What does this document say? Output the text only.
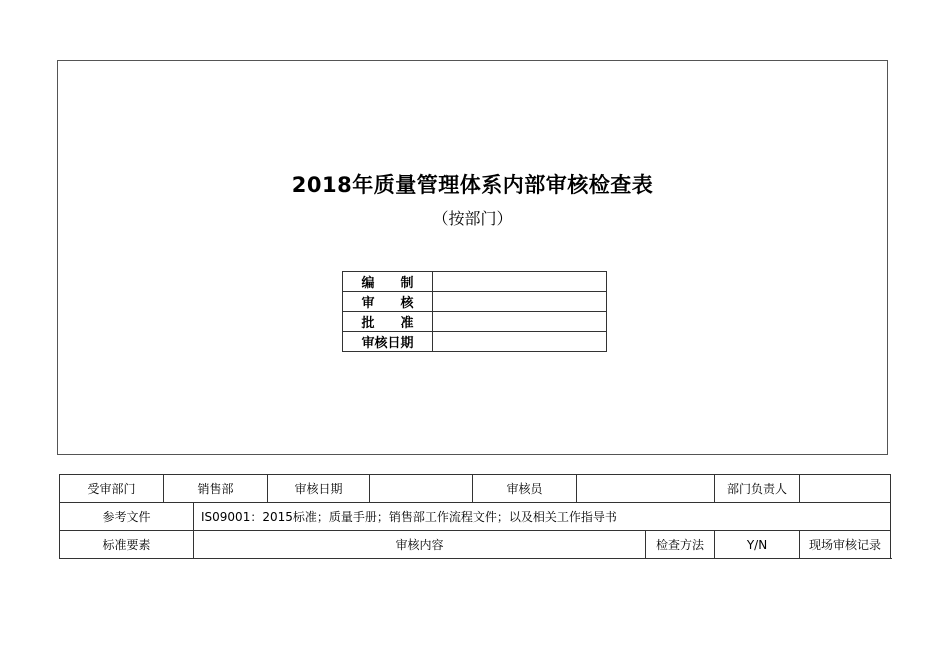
2018年质量管理体系内部审核检查表
（按部门）
编　　制	
审　　核	
批　　准	
审核日期	
受审部门	销售部		审核日期		审核员			部门负责人	
参考文件		IS09001：2015标准；质量手册；销售部工作流程文件；以及相关工作指导书							
标准要素		审核内容					检查方法	Y/N	现场审核记录
